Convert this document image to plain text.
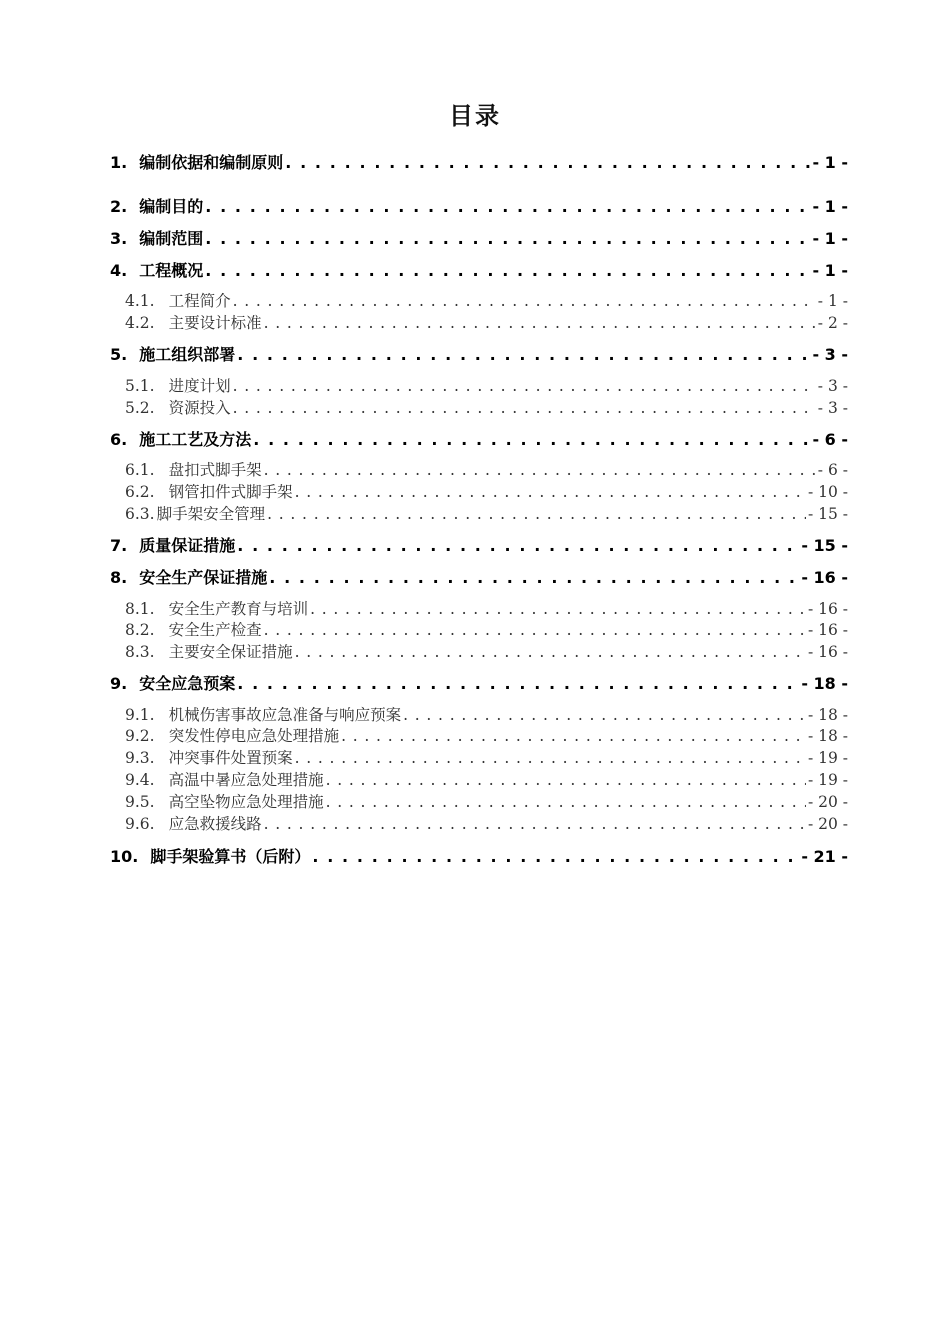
目录
1. 编制依据和编制原则 . . .	- 1 -
2. 编制目的 . . .	- 1 -
3. 编制范围 . . .	- 1 -
4. 工程概况 . . .	- 1 -
4.1. 工程简介 . . .	- 1 -
4.2. 主要设计标准 . . .	- 2 -
5. 施工组织部署 . . .	- 3 -
5.1. 进度计划 . . .	- 3 -
5.2. 资源投入 . . .	- 3 -
6. 施工工艺及方法 . . .	- 6 -
6.1. 盘扣式脚手架 . . .	- 6 -
6.2. 钢管扣件式脚手架 . . .	- 10 -
6.3. 脚手架安全管理 . . .	- 15 -
7. 质量保证措施 . . .	- 15 -
8. 安全生产保证措施 . . .	- 16 -
8.1. 安全生产教育与培训 . . .	- 16 -
8.2. 安全生产检查 . . .	- 16 -
8.3. 主要安全保证措施 . . .	- 16 -
9. 安全应急预案 . . .	- 18 -
9.1. 机械伤害事故应急准备与响应预案 . . .	- 18 -
9.2. 突发性停电应急处理措施 . . .	- 18 -
9.3. 冲突事件处置预案 . . .	- 19 -
9.4. 高温中暑应急处理措施 . . .	- 19 -
9.5. 高空坠物应急处理措施 . . .	- 20 -
9.6. 应急救援线路 . . .	- 20 -
10. 脚手架验算书（后附） . . .	- 21 -
